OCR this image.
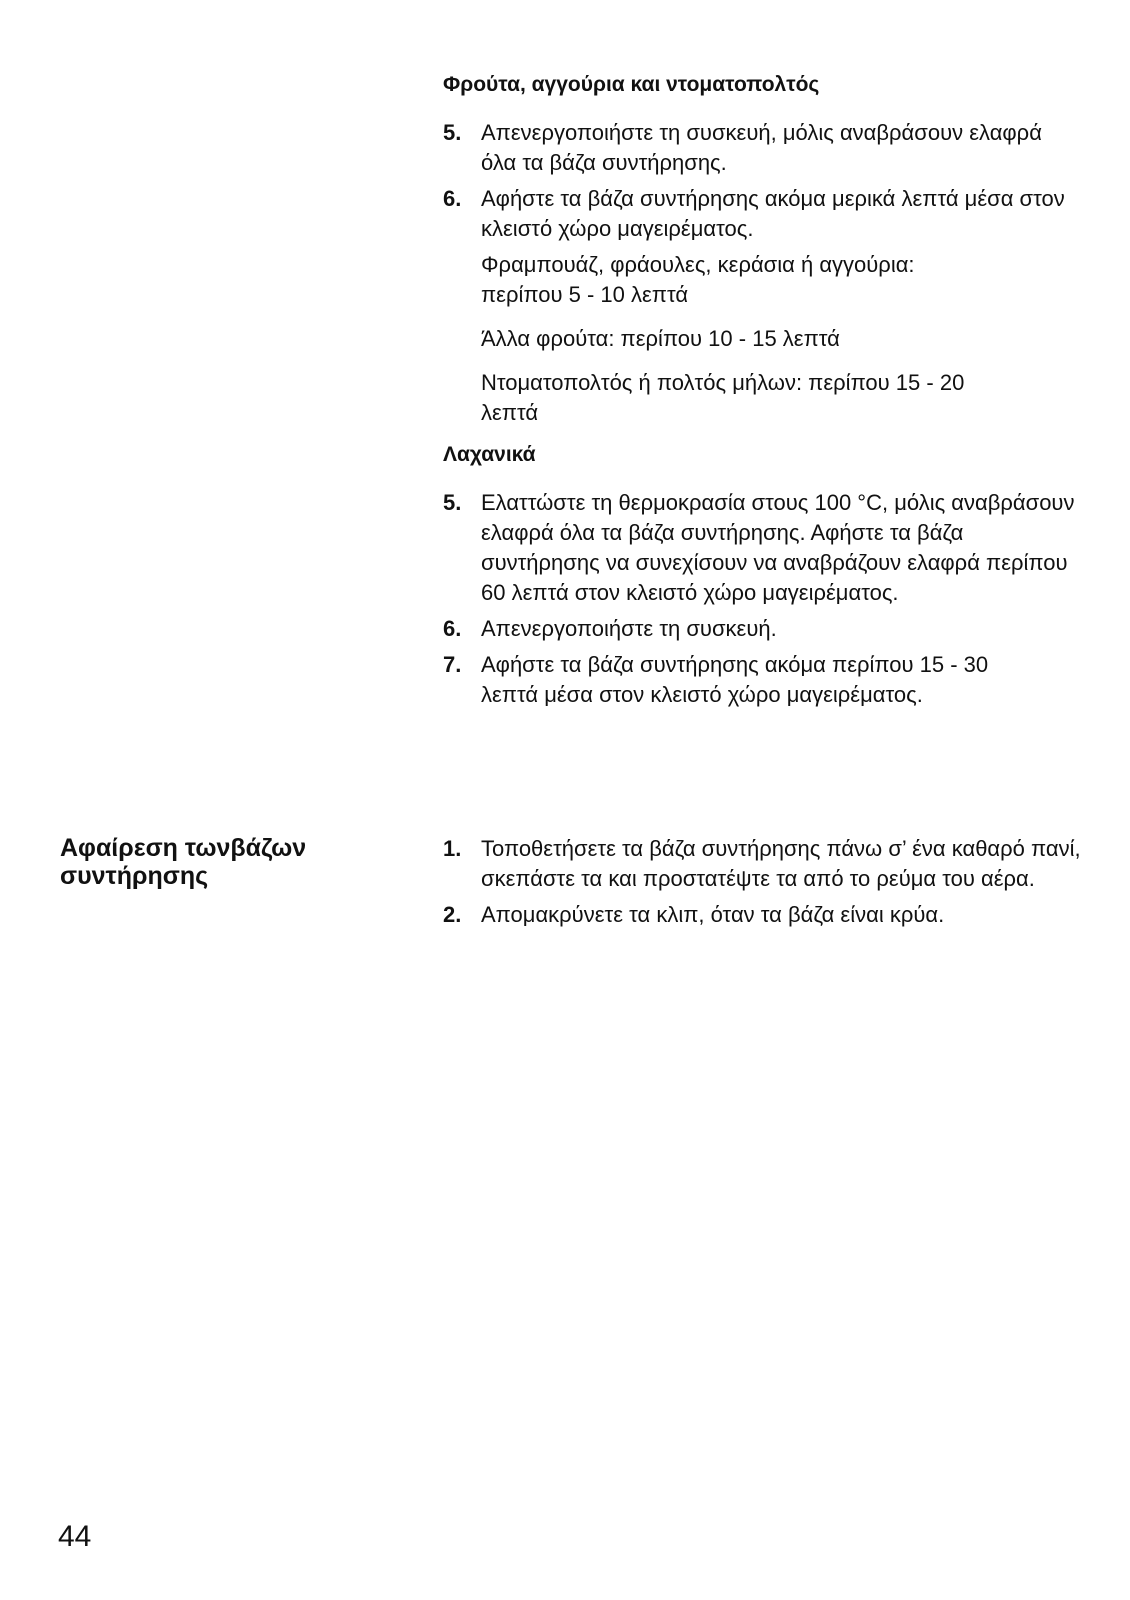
Φρούτα, αγγούρια και ντοματοπολτός

5. Απενεργοποιήστε τη συσκευή, μόλις αναβράσουν ελαφρά όλα τα βάζα συντήρησης.
6. Αφήστε τα βάζα συντήρησης ακόμα μερικά λεπτά μέσα στον κλειστό χώρο μαγειρέματος.

Φραμπουάζ, φράουλες, κεράσια ή αγγούρια: περίπου 5 - 10 λεπτά

Άλλα φρούτα: περίπου 10 - 15 λεπτά

Ντοματοπολτός ή πολτός μήλων: περίπου 15 - 20 λεπτά

Λαχανικά

5. Ελαττώστε τη θερμοκρασία στους 100 °C, μόλις αναβράσουν ελαφρά όλα τα βάζα συντήρησης. Αφήστε τα βάζα συντήρησης να συνεχίσουν να αναβράζουν ελαφρά περίπου 60 λεπτά στον κλειστό χώρο μαγειρέματος.
6. Απενεργοποιήστε τη συσκευή.
7. Αφήστε τα βάζα συντήρησης ακόμα περίπου 15 - 30 λεπτά μέσα στον κλειστό χώρο μαγειρέματος.

Αφαίρεση τωνβάζων συντήρησης

1. Τοποθετήσετε τα βάζα συντήρησης πάνω σ’ ένα καθαρό πανί, σκεπάστε τα και προστατέψτε τα από το ρεύμα του αέρα.
2. Απομακρύνετε τα κλιπ, όταν τα βάζα είναι κρύα.

44
